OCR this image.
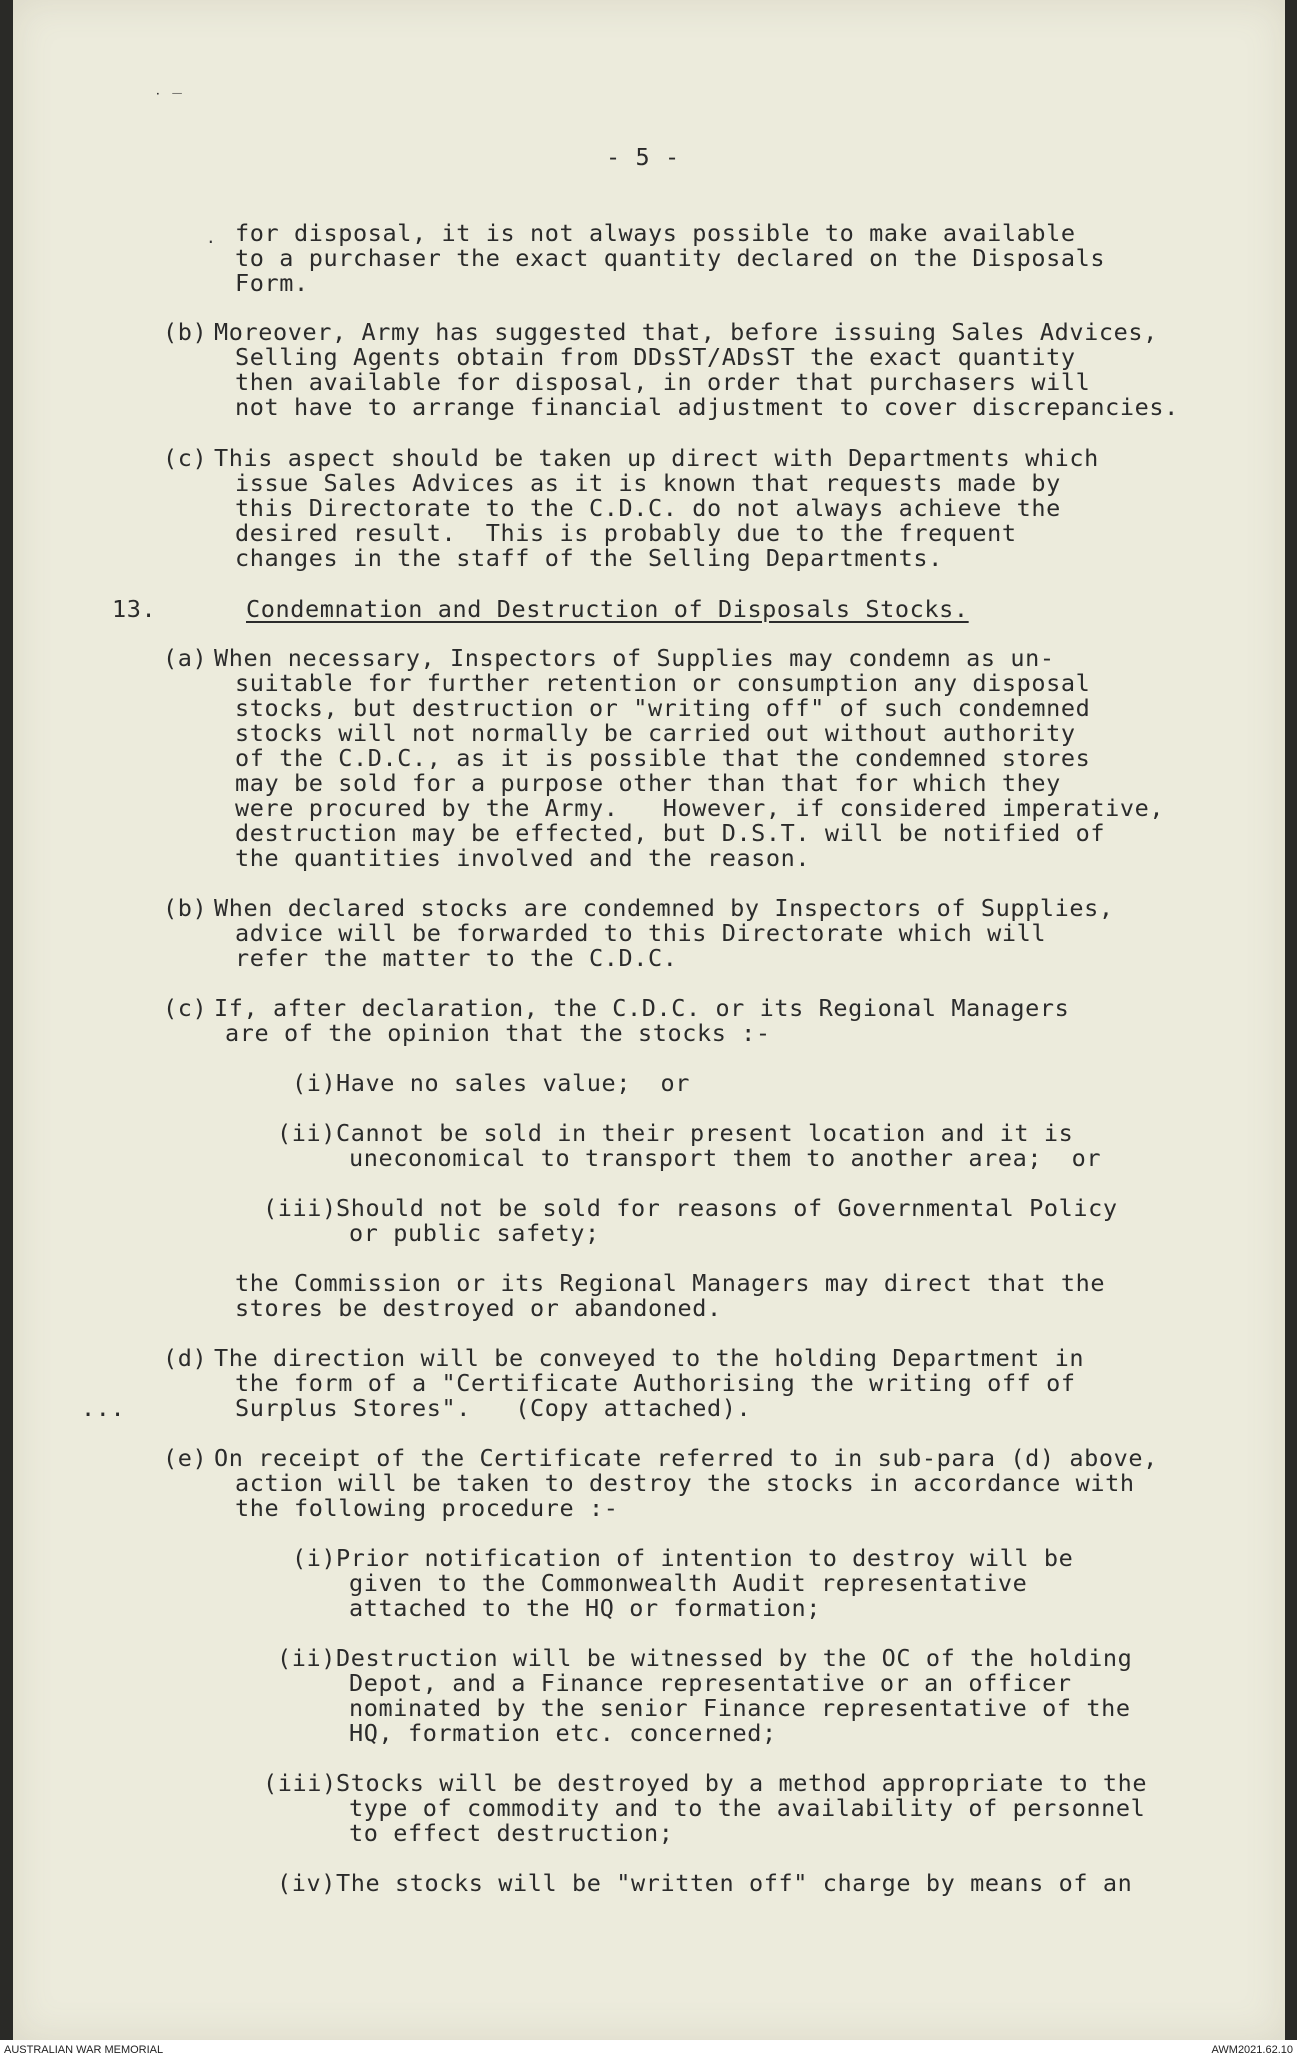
˙ ‾

- 5 -

. for disposal, it is not always possible to make available

to a purchaser the exact quantity declared on the Disposals

Form.

(b) Moreover, Army has suggested that, before issuing Sales Advices,

Selling Agents obtain from DDsST/ADsST the exact quantity

then available for disposal, in order that purchasers will

not have to arrange financial adjustment to cover discrepancies.

(c) This aspect should be taken up direct with Departments which

issue Sales Advices as it is known that requests made by

this Directorate to the C.D.C. do not always achieve the

desired result.  This is probably due to the frequent

changes in the staff of the Selling Departments.

13.	Condemnation and Destruction of Disposals Stocks.

(a) When necessary, Inspectors of Supplies may condemn as un-

suitable for further retention or consumption any disposal

stocks, but destruction or "writing off" of such condemned

stocks will not normally be carried out without authority

of the C.D.C., as it is possible that the condemned stores

may be sold for a purpose other than that for which they

were procured by the Army.   However, if considered imperative,

destruction may be effected, but D.S.T. will be notified of

the quantities involved and the reason.

(b) When declared stocks are condemned by Inspectors of Supplies,

advice will be forwarded to this Directorate which will

refer the matter to the C.D.C.

(c) If, after declaration, the C.D.C. or its Regional Managers

are of the opinion that the stocks :-

(i) Have no sales value;  or

(ii) Cannot be sold in their present location and it is

uneconomical to transport them to another area;  or

(iii) Should not be sold for reasons of Governmental Policy

or public safety;

the Commission or its Regional Managers may direct that the

stores be destroyed or abandoned.

(d) The direction will be conveyed to the holding Department in

the form of a "Certificate Authorising the writing off of

Surplus Stores".   (Copy attached).

...

(e) On receipt of the Certificate referred to in sub-para (d) above,

action will be taken to destroy the stocks in accordance with

the following procedure :-

(i) Prior notification of intention to destroy will be

given to the Commonwealth Audit representative

attached to the HQ or formation;

(ii) Destruction will be witnessed by the OC of the holding

Depot, and a Finance representative or an officer

nominated by the senior Finance representative of the

HQ, formation etc. concerned;

(iii) Stocks will be destroyed by a method appropriate to the

type of commodity and to the availability of personnel

to effect destruction;

(iv) The stocks will be "written off" charge by means of an

AUSTRALIAN WAR MEMORIAL	AWM2021.62.10
